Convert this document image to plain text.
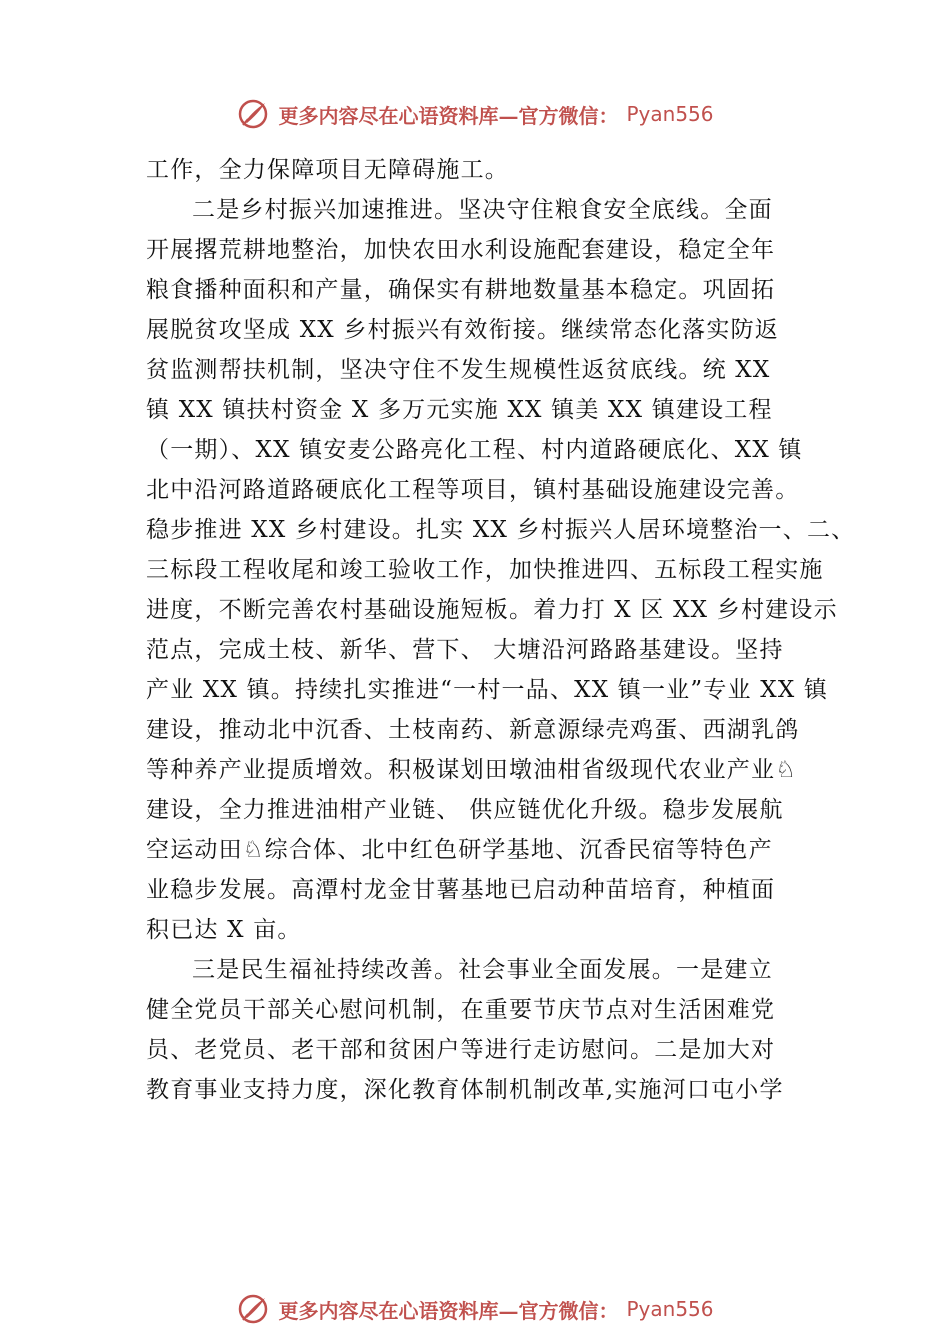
更多内容尽在心语资料库—官方微信： Pyan556
工作，全力保障项目无障碍施工。
二是乡村振兴加速推进。坚决守住粮食安全底线。全面
开展撂荒耕地整治，加快农田水利设施配套建设，稳定全年
粮食播种面积和产量，确保实有耕地数量基本稳定。巩固拓
展脱贫攻坚成 XX 乡村振兴有效衔接。继续常态化落实防返
贫监测帮扶机制，坚决守住不发生规模性返贫底线。统 XX
镇 XX 镇扶村资金 X 多万元实施 XX 镇美 XX 镇建设工程
（一期）、XX 镇安麦公路亮化工程、村内道路硬底化、XX 镇
北中沿河路道路硬底化工程等项目，镇村基础设施建设完善。
稳步推进 XX 乡村建设。扎实 XX 乡村振兴人居环境整治一、二、
三标段工程收尾和竣工验收工作，加快推进四、五标段工程实施
进度，不断完善农村基础设施短板。着力打 X 区 XX 乡村建设示
范点，完成土枝、新华、营下、 大塘沿河路路基建设。坚持
产业 XX 镇。持续扎实推进“一村一品、XX 镇一业”专业 XX 镇
建设，推动北中沉香、土枝南药、新意源绿壳鸡蛋、西湖乳鸽
等种养产业提质增效。积极谋划田墩油柑省级现代农业产业♘
建设，全力推进油柑产业链、 供应链优化升级。稳步发展航
空运动田♘综合体、北中红色研学基地、沉香民宿等特色产
业稳步发展。高潭村龙金甘薯基地已启动种苗培育，种植面
积已达 X 亩。
三是民生福祉持续改善。社会事业全面发展。一是建立
健全党员干部关心慰问机制，在重要节庆节点对生活困难党
员、老党员、老干部和贫困户等进行走访慰问。二是加大对
教育事业支持力度，深化教育体制机制改革,实施河口屯小学
更多内容尽在心语资料库—官方微信： Pyan556
